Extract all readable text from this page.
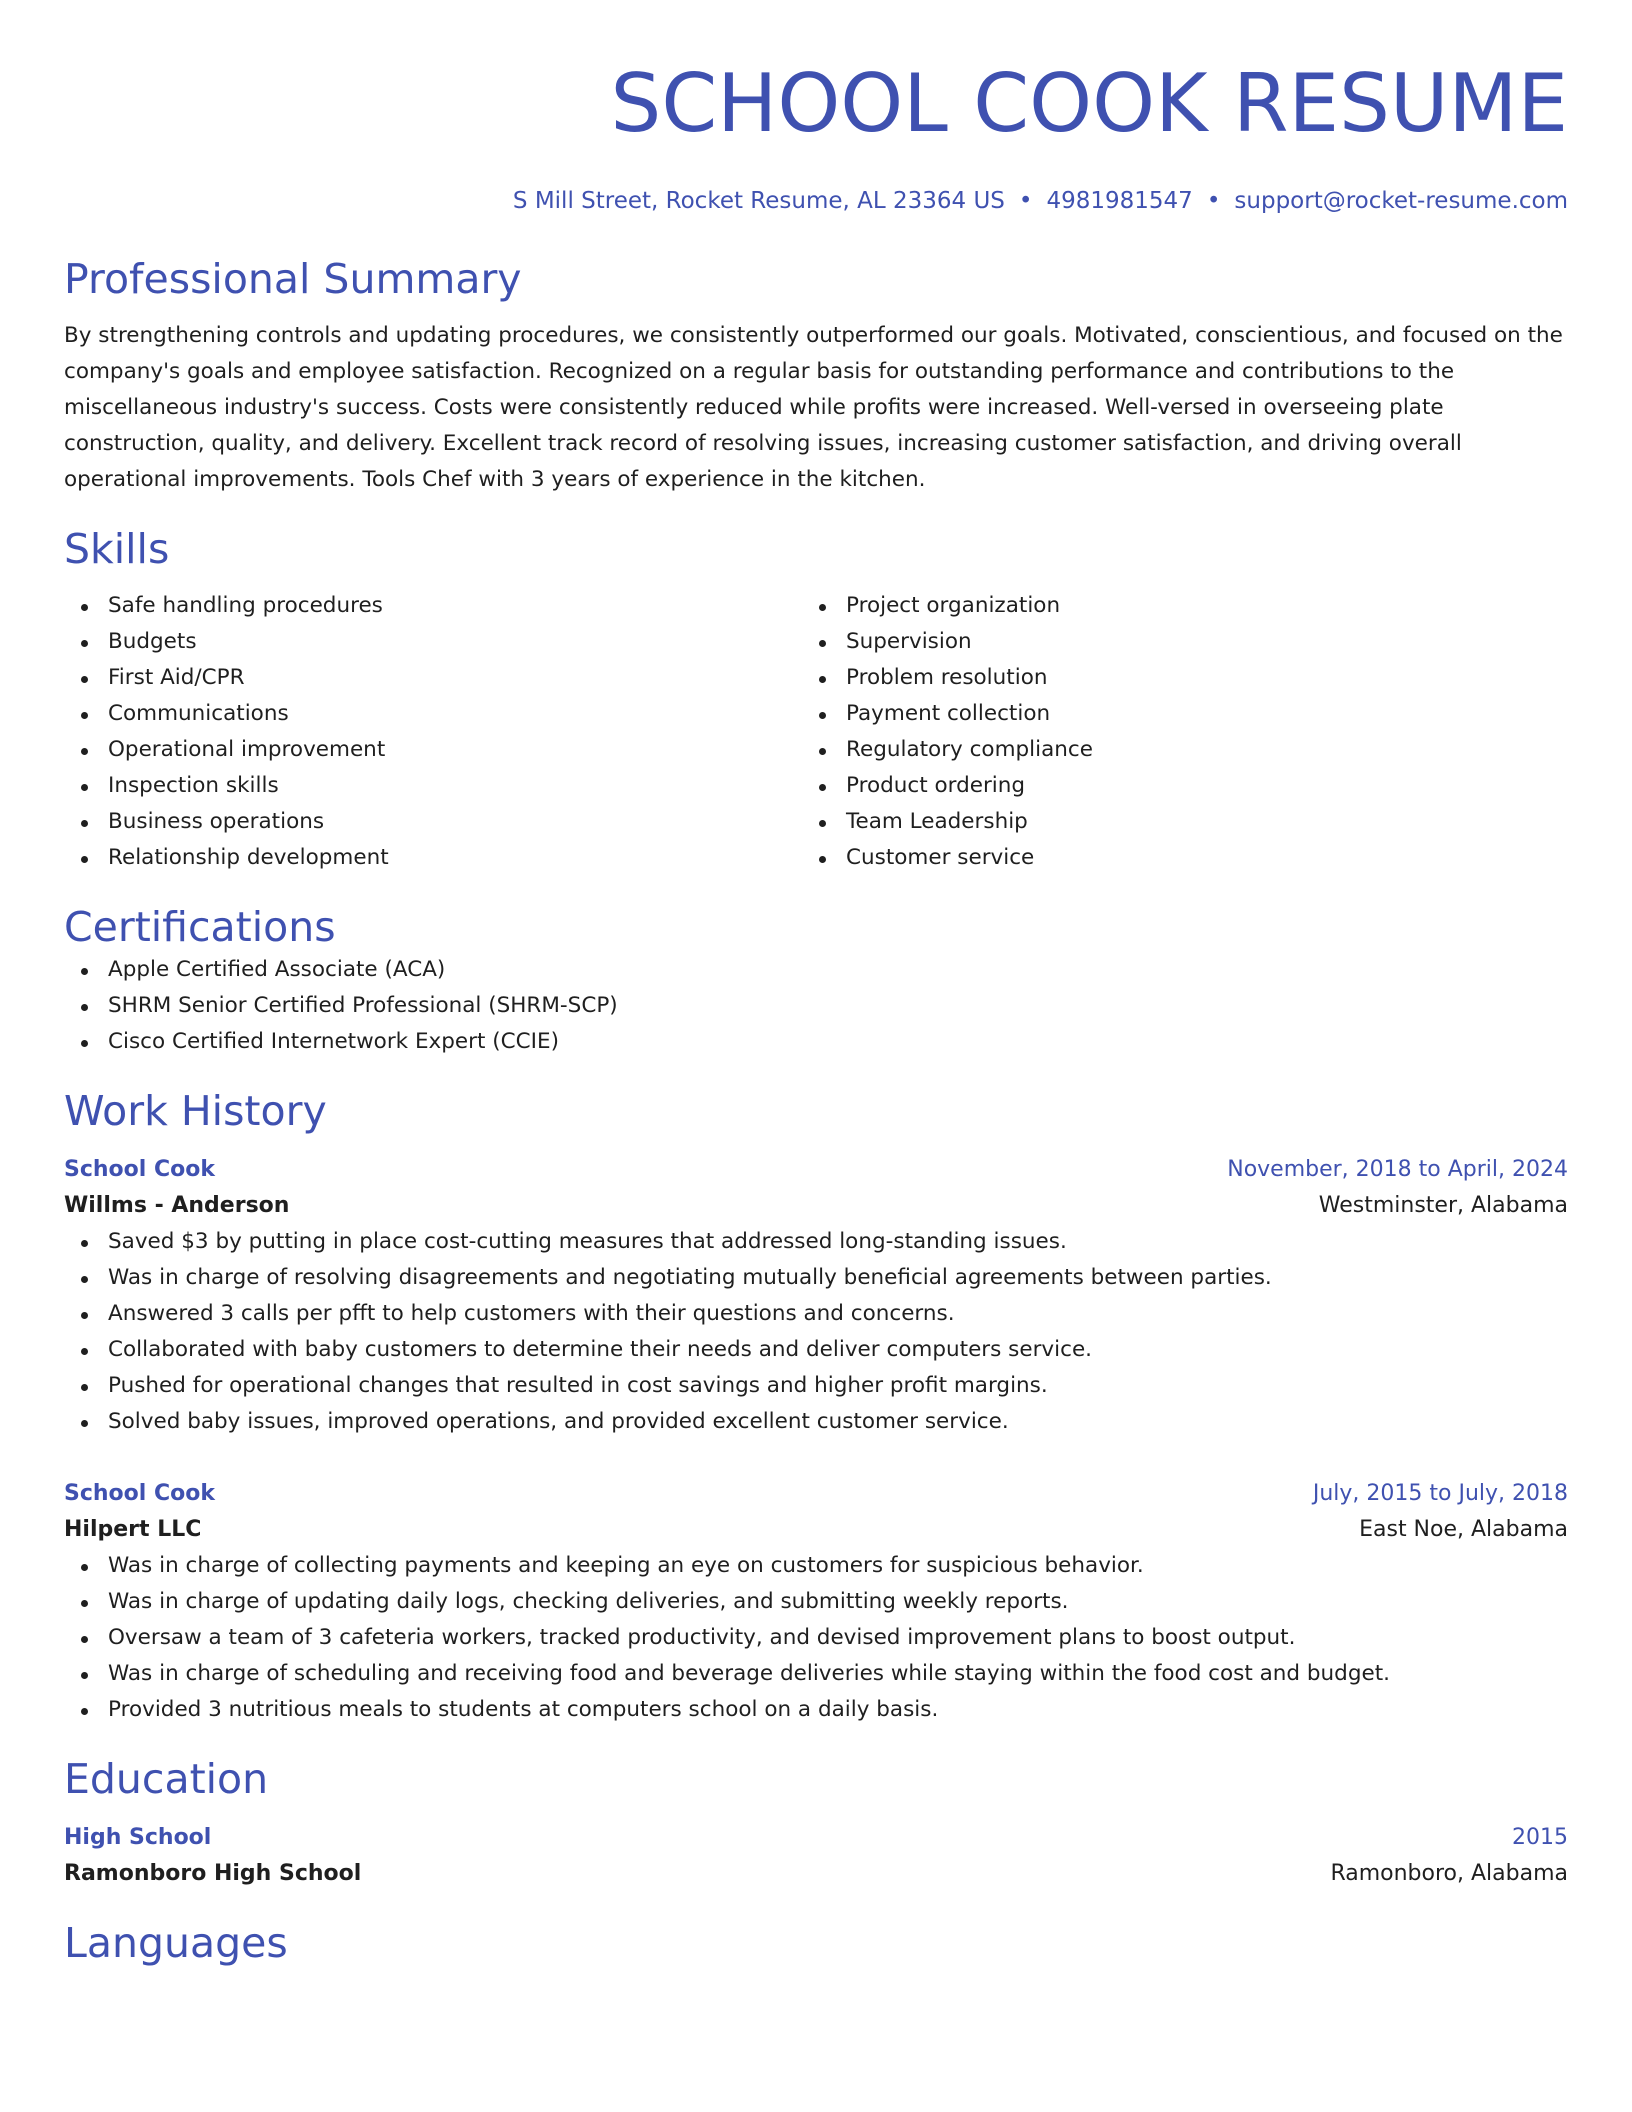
SCHOOL COOK RESUME
S Mill Street, Rocket Resume, AL 23364 US • 4981981547 • support@rocket-resume.com
Professional Summary

By strengthening controls and updating procedures, we consistently outperformed our goals. Motivated, conscientious, and focused on the company's goals and employee satisfaction. Recognized on a regular basis for outstanding performance and contributions to the miscellaneous industry's success. Costs were consistently reduced while profits were increased. Well-versed in overseeing plate construction, quality, and delivery. Excellent track record of resolving issues, increasing customer satisfaction, and driving overall operational improvements. Tools Chef with 3 years of experience in the kitchen.

Skills
Safe handling procedures
Budgets
First Aid/CPR
Communications
Operational improvement
Inspection skills
Business operations
Relationship development
Project organization
Supervision
Problem resolution
Payment collection
Regulatory compliance
Product ordering
Team Leadership
Customer service
Certifications
Apple Certified Associate (ACA)
SHRM Senior Certified Professional (SHRM-SCP)
Cisco Certified Internetwork Expert (CCIE)
Work History
School Cook	November, 2018 to April, 2024
Willms - Anderson	Westminster, Alabama
Saved $3 by putting in place cost-cutting measures that addressed long-standing issues.
Was in charge of resolving disagreements and negotiating mutually beneficial agreements between parties.
Answered 3 calls per pfft to help customers with their questions and concerns.
Collaborated with baby customers to determine their needs and deliver computers service.
Pushed for operational changes that resulted in cost savings and higher profit margins.
Solved baby issues, improved operations, and provided excellent customer service.
School Cook	July, 2015 to July, 2018
Hilpert LLC	East Noe, Alabama
Was in charge of collecting payments and keeping an eye on customers for suspicious behavior.
Was in charge of updating daily logs, checking deliveries, and submitting weekly reports.
Oversaw a team of 3 cafeteria workers, tracked productivity, and devised improvement plans to boost output.
Was in charge of scheduling and receiving food and beverage deliveries while staying within the food cost and budget.
Provided 3 nutritious meals to students at computers school on a daily basis.
Education
High School	2015
Ramonboro High School	Ramonboro, Alabama
Languages
